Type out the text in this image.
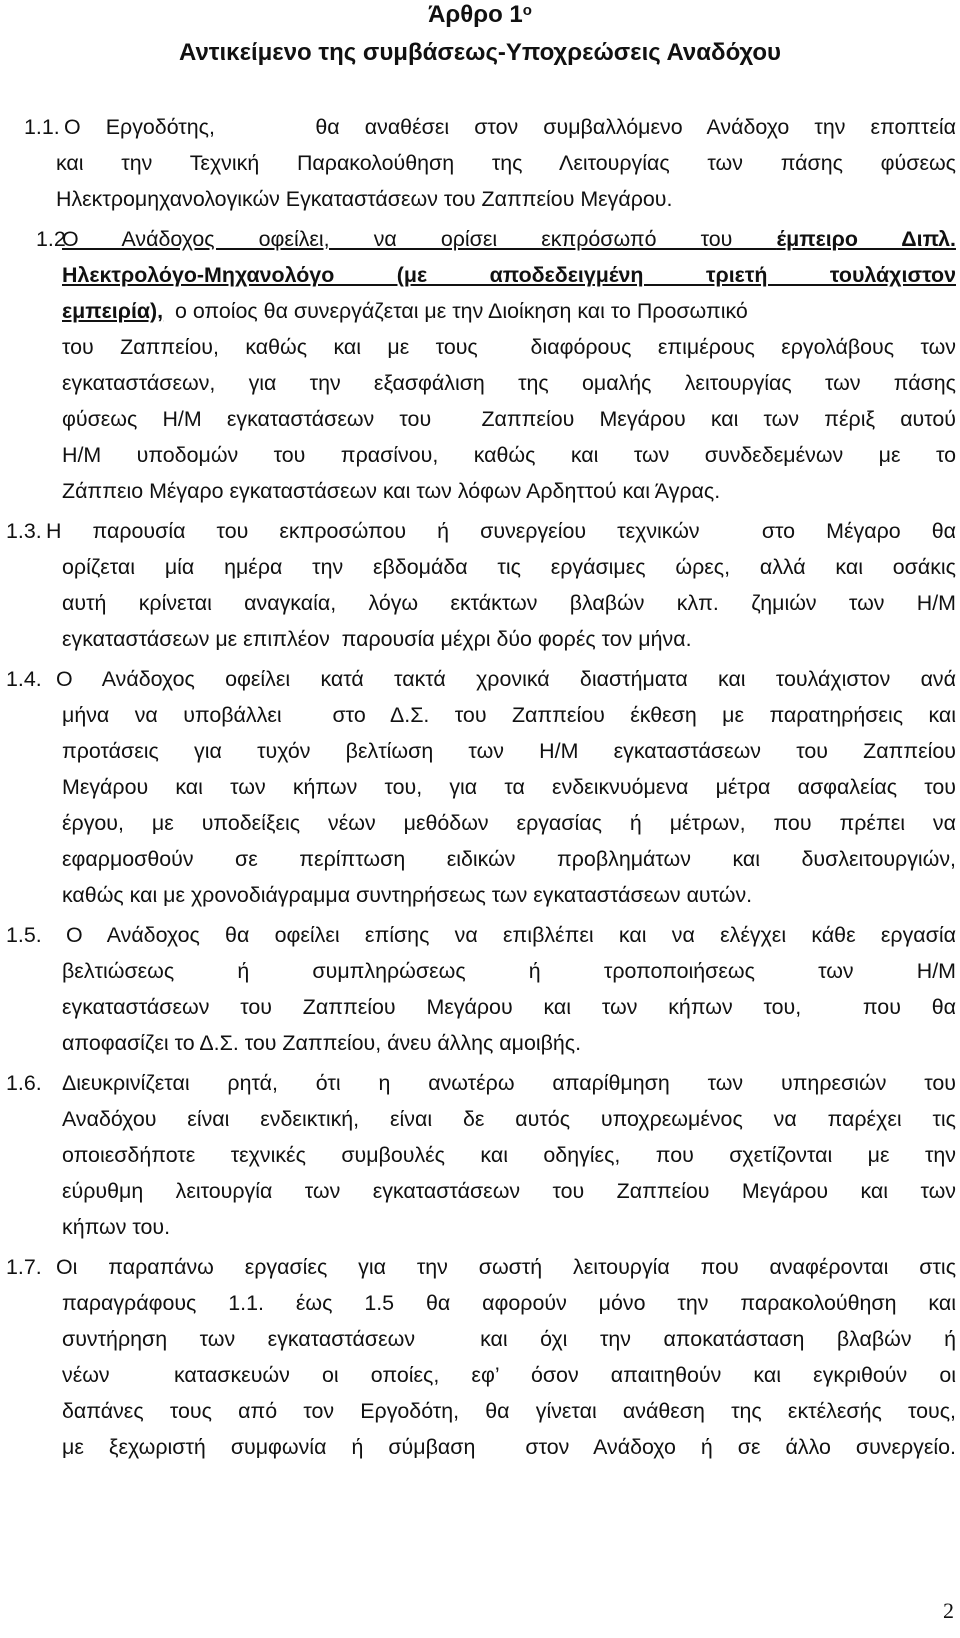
Άρθρο $1^o$
Αντικείμενο της συμβάσεως-Υποχρεώσεις Αναδόχου
1.1. Ο Εργοδότης,    θα αναθέσει στον συμβαλλόμενο Ανάδοχο την εποπτεία
και την Τεχνική Παρακολούθηση της Λειτουργίας των πάσης φύσεως
Ηλεκτρομηχανολογικών Εγκαταστάσεων του Ζαππείου Μεγάρου.
1.2
Ο Ανάδοχος οφείλει, να ορίσει εκπρόσωπό του έμπειρο Διπλ.
Ηλεκτρολόγο-Μηχανολόγο (με αποδεδειγμένη τριετή τουλάχιστον
εμπειρία),  ο οποίος θα συνεργάζεται με την Διοίκηση και το Προσωπικό
του Ζαππείου, καθώς και με τους  διαφόρους επιμέρους εργολάβους των
εγκαταστάσεων, για την εξασφάλιση της ομαλής λειτουργίας των πάσης
φύσεως Η/Μ εγκαταστάσεων του  Ζαππείου Μεγάρου και των πέριξ αυτού
Η/Μ υποδομών του πρασίνου, καθώς και των συνδεδεμένων με το
Ζάππειο Μέγαρο εγκαταστάσεων και των λόφων Αρδηττού και Άγρας.
1.3. Η παρουσία του εκπροσώπου ή συνεργείου τεχνικών  στο Μέγαρο θα
ορίζεται μία ημέρα την εβδομάδα τις εργάσιμες ώρες, αλλά και οσάκις
αυτή κρίνεται αναγκαία, λόγω εκτάκτων βλαβών κλπ. ζημιών των Η/Μ
εγκαταστάσεων με επιπλέον  παρουσία μέχρι δύο φορές τον μήνα.
1.4. Ο Ανάδοχος οφείλει κατά τακτά χρονικά διαστήματα και τουλάχιστον ανά
μήνα να υποβάλλει  στο Δ.Σ. του Ζαππείου έκθεση με παρατηρήσεις και
προτάσεις για τυχόν βελτίωση των Η/Μ εγκαταστάσεων του Ζαππείου
Μεγάρου και των κήπων του, για τα ενδεικνυόμενα μέτρα ασφαλείας του
έργου, με υποδείξεις νέων μεθόδων εργασίας ή μέτρων, που πρέπει να
εφαρμοσθούν σε περίπτωση ειδικών προβλημάτων και δυσλειτουργιών,
καθώς και με χρονοδιάγραμμα συντηρήσεως των εγκαταστάσεων αυτών.
1.5. Ο Ανάδοχος θα οφείλει επίσης να επιβλέπει και να ελέγχει κάθε εργασία
βελτιώσεως ή συμπληρώσεως ή τροποποιήσεως των Η/Μ
εγκαταστάσεων του Ζαππείου Μεγάρου και των κήπων του,  που θα
αποφασίζει το Δ.Σ. του Ζαππείου, άνευ άλλης αμοιβής.
1.6. Διευκρινίζεται ρητά, ότι η ανωτέρω απαρίθμηση των υπηρεσιών του
Αναδόχου είναι ενδεικτική, είναι δε αυτός υποχρεωμένος να παρέχει τις
οποιεσδήποτε τεχνικές συμβουλές και οδηγίες, που σχετίζονται με την
εύρυθμη λειτουργία των εγκαταστάσεων του Ζαππείου Μεγάρου και των
κήπων του.
1.7. Οι παραπάνω εργασίες για την σωστή λειτουργία που αναφέρονται στις
παραγράφους 1.1. έως 1.5 θα αφορούν μόνο την παρακολούθηση και
συντήρηση των εγκαταστάσεων  και όχι την αποκατάσταση βλαβών ή
νέων  κατασκευών οι οποίες, εφ’ όσον απαιτηθούν και εγκριθούν οι
δαπάνες τους από τον Εργοδότη, θα γίνεται ανάθεση της εκτέλεσής τους,
με ξεχωριστή συμφωνία ή σύμβαση  στον Ανάδοχο ή σε άλλο συνεργείο.
2
